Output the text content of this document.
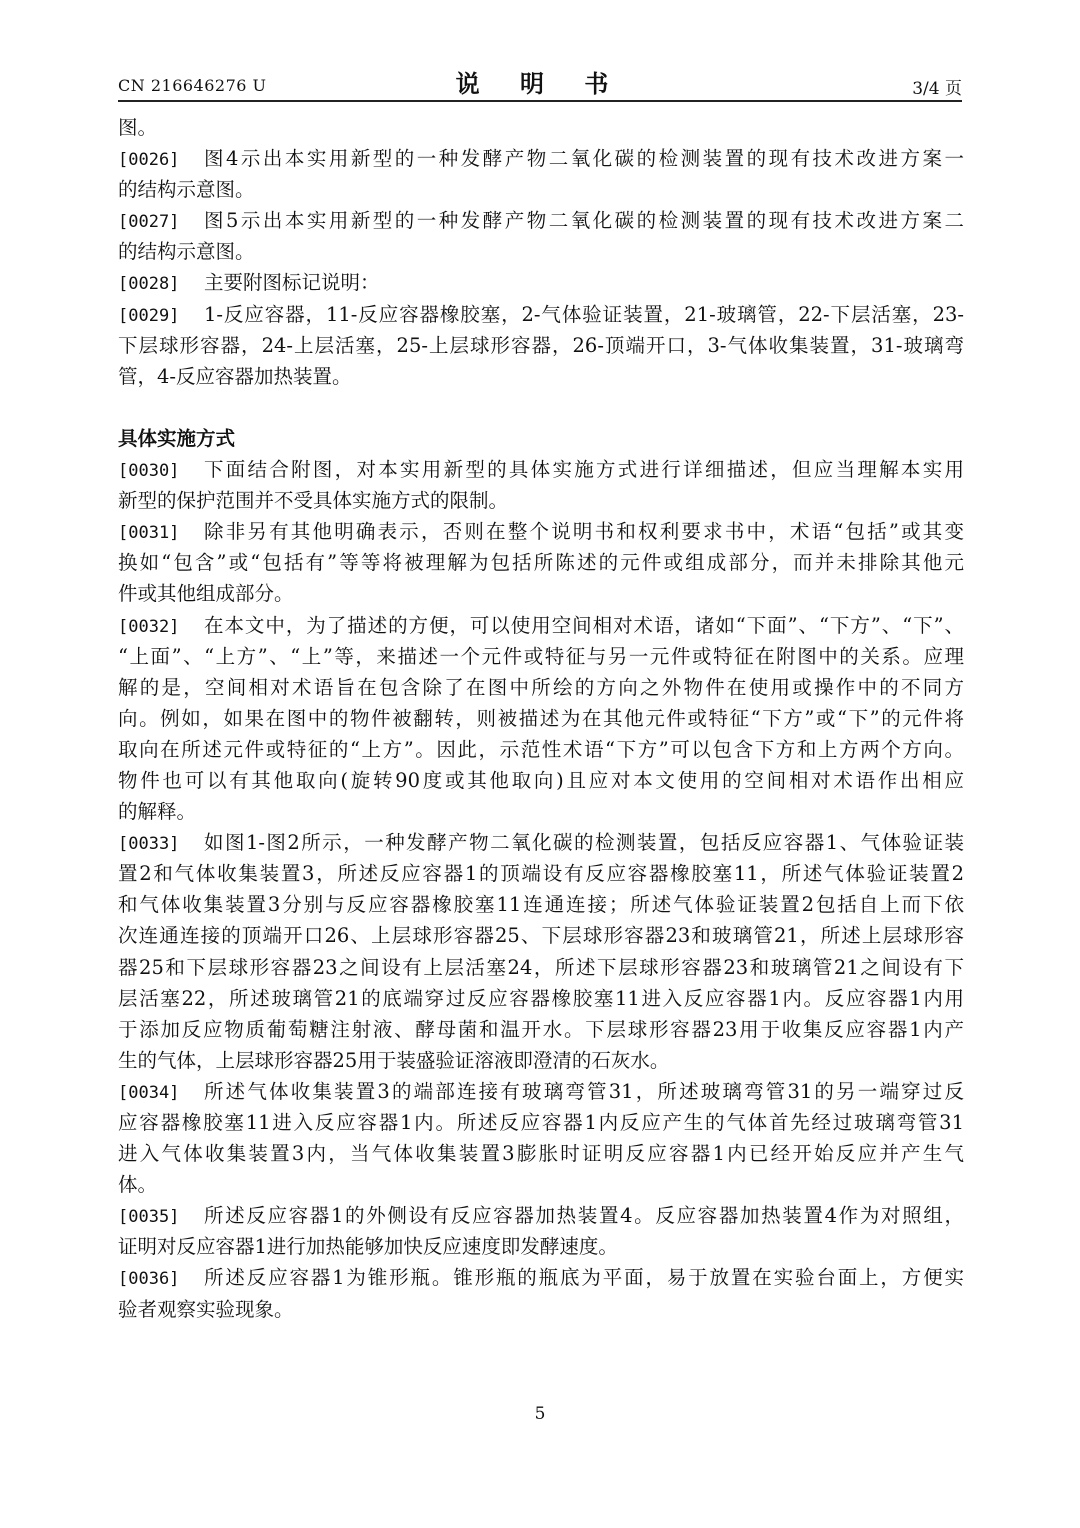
CN 216646276 U	说 明 书	3/4 页
图。
[0026] 图4示出本实用新型的一种发酵产物二氧化碳的检测装置的现有技术改进方案一
的结构示意图。
[0027] 图5示出本实用新型的一种发酵产物二氧化碳的检测装置的现有技术改进方案二
的结构示意图。
[0028] 主要附图标记说明：
[0029] 1-反应容器，11-反应容器橡胶塞，2-气体验证装置，21-玻璃管，22-下层活塞，23-
下层球形容器，24-上层活塞，25-上层球形容器，26-顶端开口，3-气体收集装置，31-玻璃弯
管，4-反应容器加热装置。
具体实施方式
[0030] 下面结合附图，对本实用新型的具体实施方式进行详细描述，但应当理解本实用
新型的保护范围并不受具体实施方式的限制。
[0031] 除非另有其他明确表示，否则在整个说明书和权利要求书中，术语“包括”或其变
换如“包含”或“包括有”等等将被理解为包括所陈述的元件或组成部分，而并未排除其他元
件或其他组成部分。
[0032] 在本文中，为了描述的方便，可以使用空间相对术语，诸如“下面”、“下方”、“下”、
“上面”、“上方”、“上”等，来描述一个元件或特征与另一元件或特征在附图中的关系。应理
解的是，空间相对术语旨在包含除了在图中所绘的方向之外物件在使用或操作中的不同方
向。例如，如果在图中的物件被翻转，则被描述为在其他元件或特征“下方”或“下”的元件将
取向在所述元件或特征的“上方”。因此，示范性术语“下方”可以包含下方和上方两个方向。
物件也可以有其他取向(旋转90度或其他取向)且应对本文使用的空间相对术语作出相应
的解释。
[0033] 如图1-图2所示，一种发酵产物二氧化碳的检测装置，包括反应容器1、气体验证装
置2和气体收集装置3，所述反应容器1的顶端设有反应容器橡胶塞11，所述气体验证装置2
和气体收集装置3分别与反应容器橡胶塞11连通连接；所述气体验证装置2包括自上而下依
次连通连接的顶端开口26、上层球形容器25、下层球形容器23和玻璃管21，所述上层球形容
器25和下层球形容器23之间设有上层活塞24，所述下层球形容器23和玻璃管21之间设有下
层活塞22，所述玻璃管21的底端穿过反应容器橡胶塞11进入反应容器1内。反应容器1内用
于添加反应物质葡萄糖注射液、酵母菌和温开水。下层球形容器23用于收集反应容器1内产
生的气体，上层球形容器25用于装盛验证溶液即澄清的石灰水。
[0034] 所述气体收集装置3的端部连接有玻璃弯管31，所述玻璃弯管31的另一端穿过反
应容器橡胶塞11进入反应容器1内。所述反应容器1内反应产生的气体首先经过玻璃弯管31
进入气体收集装置3内，当气体收集装置3膨胀时证明反应容器1内已经开始反应并产生气
体。
[0035] 所述反应容器1的外侧设有反应容器加热装置4。反应容器加热装置4作为对照组，
证明对反应容器1进行加热能够加快反应速度即发酵速度。
[0036] 所述反应容器1为锥形瓶。锥形瓶的瓶底为平面，易于放置在实验台面上，方便实
验者观察实验现象。
5
